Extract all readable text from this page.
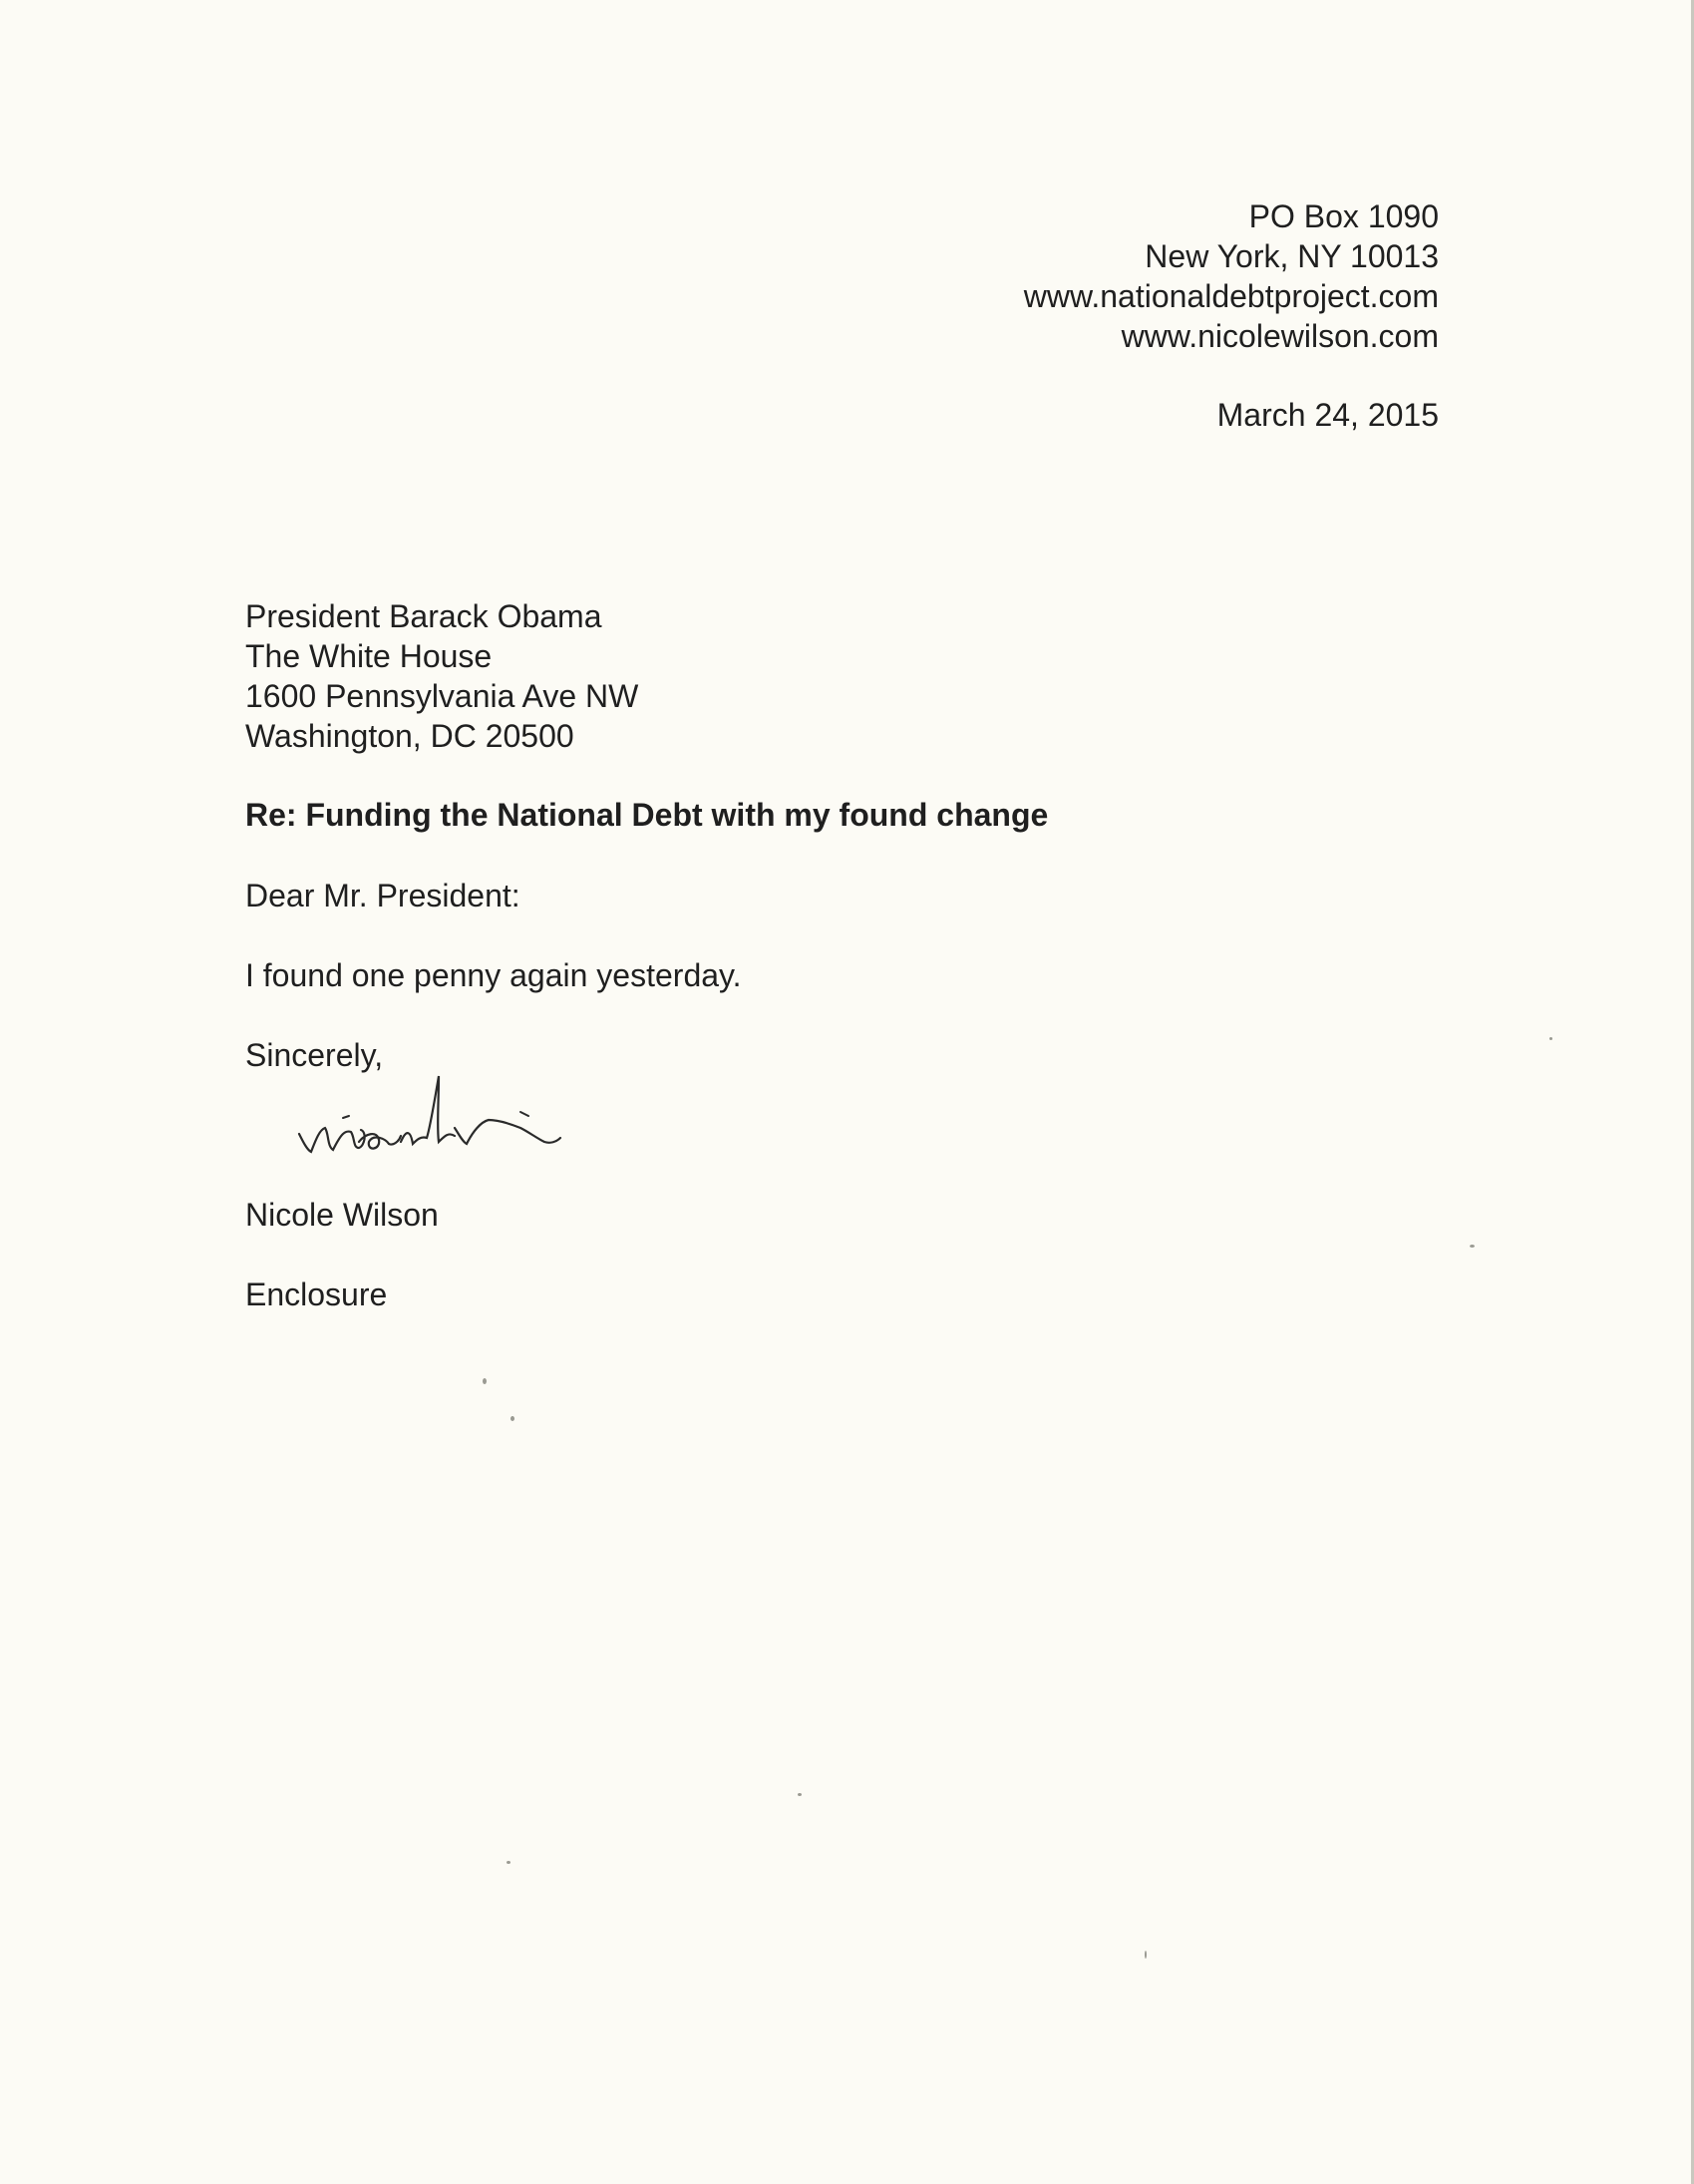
PO Box 1090
New York, NY 10013
www.nationaldebtproject.com
www.nicolewilson.com
March 24, 2015
President Barack Obama
The White House
1600 Pennsylvania Ave NW
Washington, DC 20500
Re: Funding the National Debt with my found change
Dear Mr. President:
I found one penny again yesterday.
Sincerely,
Nicole Wilson
Enclosure
